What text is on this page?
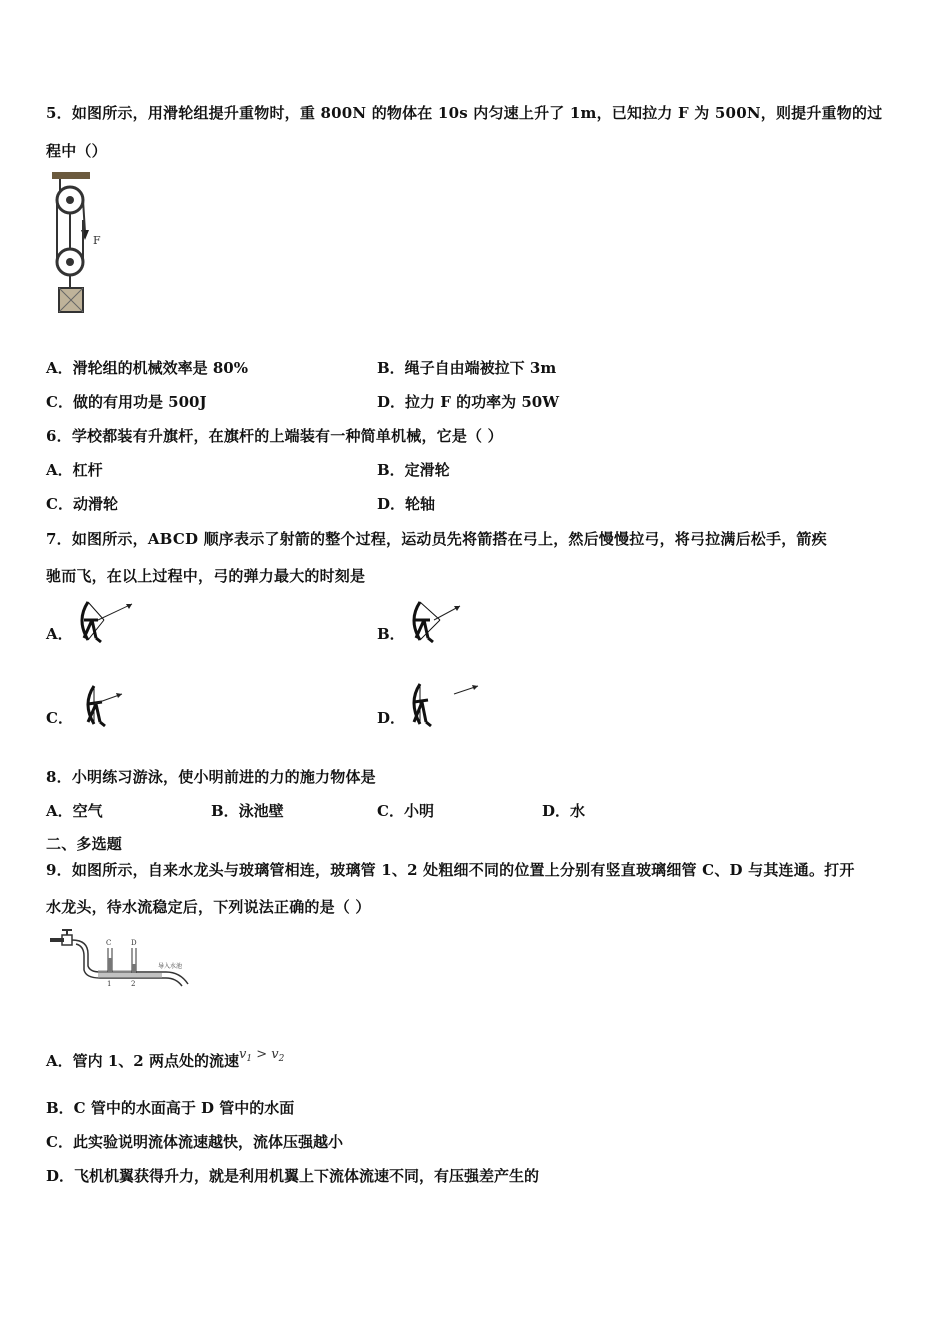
5．如图所示，用滑轮组提升重物时，重 800N 的物体在 10s 内匀速上升了 1m，已知拉力 F 为 500N，则提升重物的过
程中（）
F
A．滑轮组的机械效率是 80%	B．绳子自由端被拉下 3m
C．做的有用功是 500J	D．拉力 F 的功率为 50W
6．学校都装有升旗杆，在旗杆的上端装有一种简单机械，它是（ ）
A．杠杆	B．定滑轮
C．动滑轮	D．轮轴
7．如图所示，ABCD 顺序表示了射箭的整个过程，运动员先将箭搭在弓上，然后慢慢拉弓，将弓拉满后松手，箭疾
驰而飞，在以上过程中，弓的弹力最大的时刻是
A．	B．
C．	D．
8．小明练习游泳，使小明前进的力的施力物体是
A．空气	B．泳池壁	C．小明	D．水
二、多选题
9．如图所示，自来水龙头与玻璃管相连，玻璃管 1、2 处粗细不同的位置上分别有竖直玻璃细管 C、D 与其连通。打开
水龙头，待水流稳定后，下列说法正确的是（ ）
C	D
1	2
导入水池
A．管内 1、2 两点处的流速$v_1 > v_2$
B．C 管中的水面高于 D 管中的水面
C．此实验说明流体流速越快，流体压强越小
D．飞机机翼获得升力，就是利用机翼上下流体流速不同，有压强差产生的
